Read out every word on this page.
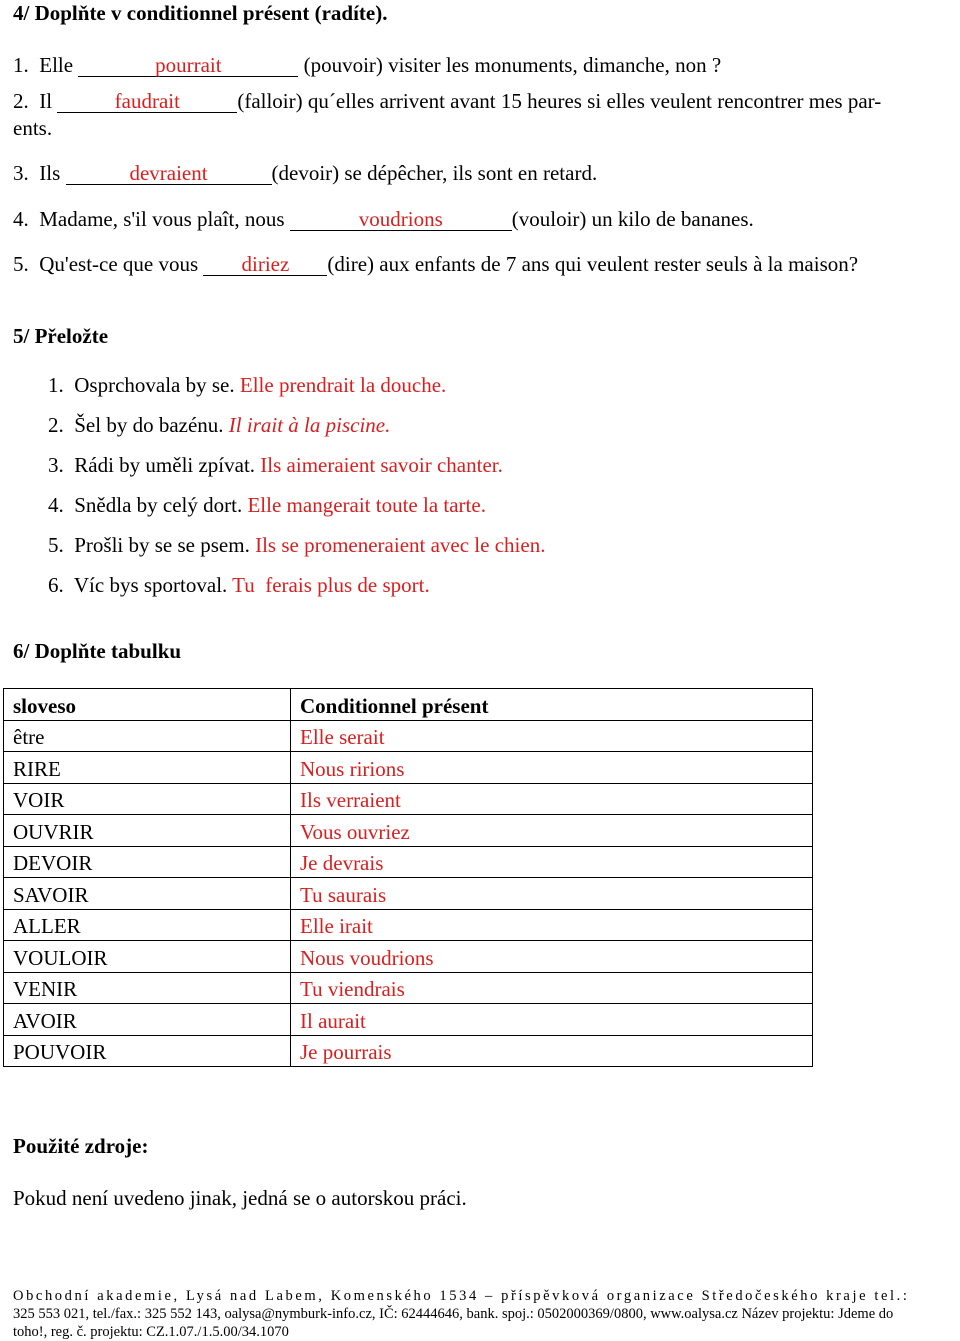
4/ Doplňte v conditionnel présent (radíte).
1. Elle	pourrait	(pouvoir) visiter les monuments, dimanche, non ?
2. Il	faudrait	(falloir) qu´elles arrivent avant 15 heures si elles veulent rencontrer mes par-
ents.
3. Ils	devraient	(devoir) se dépêcher, ils sont en retard.
4. Madame, s'il vous plaît, nous	voudrions	(vouloir) un kilo de bananes.
5. Qu'est-ce que vous diriez (dire) aux enfants de 7 ans qui veulent rester seuls à la maison?
5/ Přeložte
1. Osprchovala by se. Elle prendrait la douche.
2. Šel by do bazénu. Il irait à la piscine.
3. Rádi by uměli zpívat. Ils aimeraient savoir chanter.
4. Snědla by celý dort. Elle mangerait toute la tarte.
5. Prošli by se se psem. Ils se promeneraient avec le chien.
6. Víc bys sportoval. Tu  ferais plus de sport.
6/ Doplňte tabulku
sloveso	Conditionnel présent
être	Elle serait
RIRE	Nous ririons
VOIR	Ils verraient
OUVRIR	Vous ouvriez
DEVOIR	Je devrais
SAVOIR	Tu saurais
ALLER	Elle irait
VOULOIR	Nous voudrions
VENIR	Tu viendrais
AVOIR	Il aurait
POUVOIR	Je pourrais
Použité zdroje:
Pokud není uvedeno jinak, jedná se o autorskou práci.
Obchodní akademie, Lysá nad Labem, Komenského 1534 – příspěvková organizace Středočeského kraje tel.:
325 553 021, tel./fax.: 325 552 143, oalysa@nymburk-info.cz, IČ: 62444646, bank. spoj.: 0502000369/0800, www.oalysa.cz Název projektu: Jdeme do
toho!, reg. č. projektu: CZ.1.07./1.5.00/34.1070
